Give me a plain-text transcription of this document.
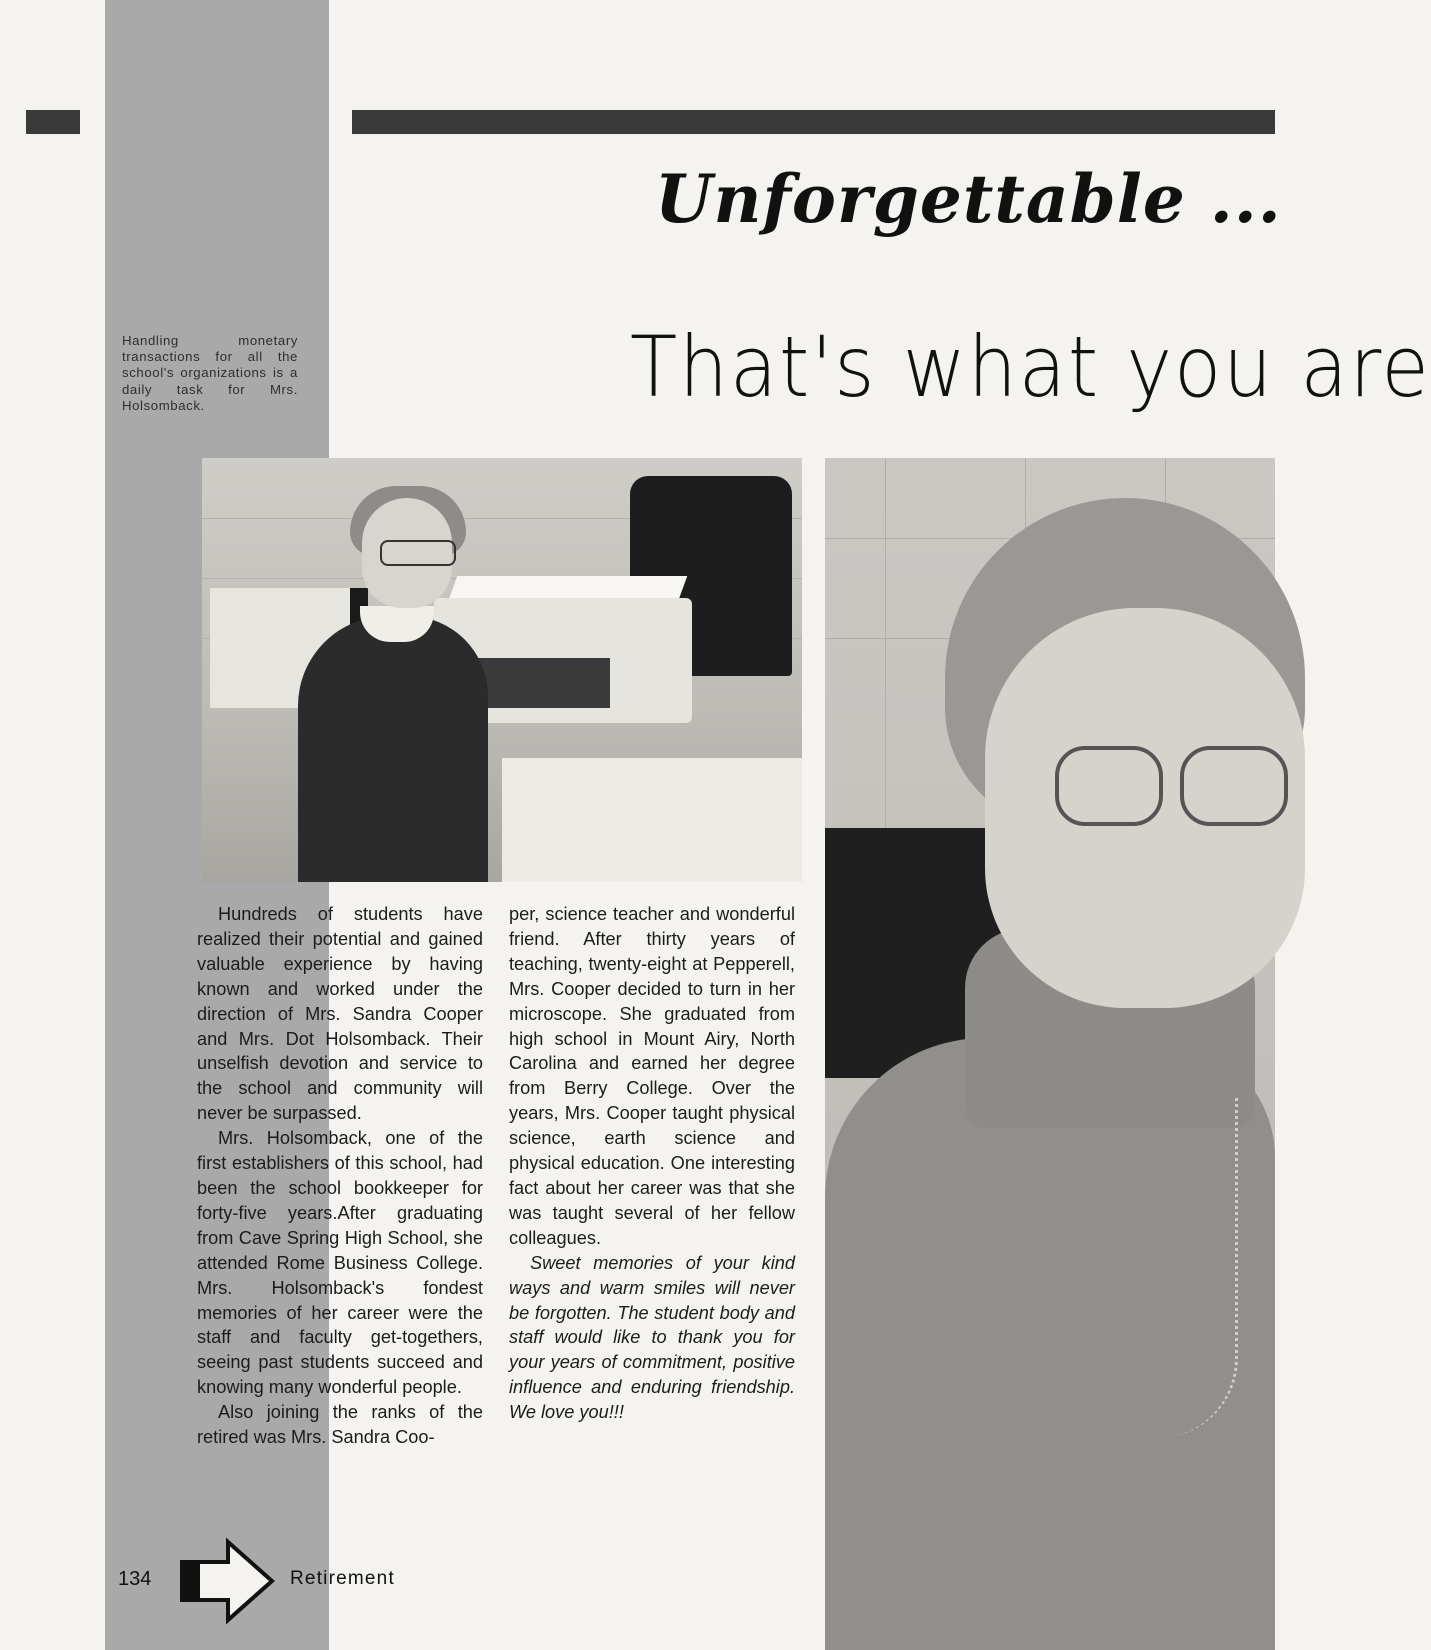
Handling monetary transactions for all the school's organizations is a daily task for Mrs. Holsomback.
Unforgettable ...
That's what you are

Hundreds of students have realized their potential and gained valuable experience by having known and worked under the direction of Mrs. Sandra Cooper and Mrs. Dot Holsomback. Their unselfish devotion and service to the school and community will never be surpassed.

Mrs. Holsomback, one of the first establishers of this school, had been the school bookkeeper for forty-five years.After graduating from Cave Spring High School, she attended Rome Business College. Mrs. Holsomback's fondest memories of her career were the staff and faculty get-togethers, seeing past students succeed and knowing many wonderful people.

Also joining the ranks of the retired was Mrs. Sandra Coo-

per, science teacher and wonderful friend. After thirty years of teaching, twenty-eight at Pepperell, Mrs. Cooper decided to turn in her microscope. She graduated from high school in Mount Airy, North Carolina and earned her degree from Berry College. Over the years, Mrs. Cooper taught physical science, earth science and physical education. One interesting fact about her career was that she was taught several of her fellow colleagues.

Sweet memories of your kind ways and warm smiles will never be forgotten. The student body and staff would like to thank you for your years of commitment, positive influence and enduring friendship. We love you!!!

134	Retirement
